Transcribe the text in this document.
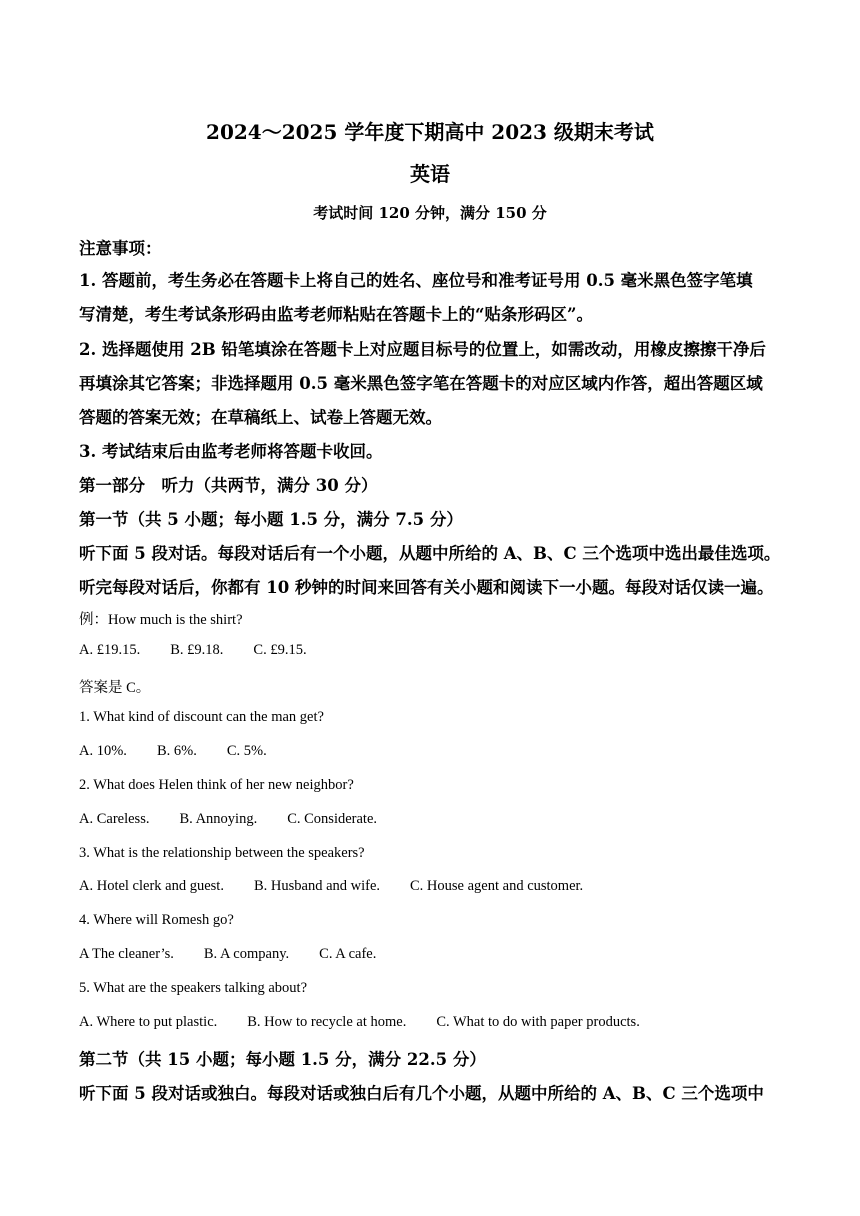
2024～2025 学年度下期高中 2023 级期末考试
英语
考试时间 120 分钟，满分 150 分
注意事项：
1. 答题前，考生务必在答题卡上将自己的姓名、座位号和准考证号用 0.5 毫米黑色签字笔填
写清楚，考生考试条形码由监考老师粘贴在答题卡上的“贴条形码区”。
2. 选择题使用 2B 铅笔填涂在答题卡上对应题目标号的位置上，如需改动，用橡皮擦擦干净后
再填涂其它答案；非选择题用 0.5 毫米黑色签字笔在答题卡的对应区域内作答，超出答题区域
答题的答案无效；在草稿纸上、试卷上答题无效。
3. 考试结束后由监考老师将答题卡收回。
第一部分　听力（共两节，满分 30 分）
第一节（共 5 小题；每小题 1.5 分，满分 7.5 分）
听下面 5 段对话。每段对话后有一个小题，从题中所给的 A、B、C 三个选项中选出最佳选项。
听完每段对话后，你都有 10 秒钟的时间来回答有关小题和阅读下一小题。每段对话仅读一遍。
例：How much is the shirt?
A. £19.15. B. £9.18. C. £9.15.
答案是 C。
1. What kind of discount can the man get?
A. 10%. B. 6%. C. 5%.
2. What does Helen think of her new neighbor?
A. Careless. B. Annoying. C. Considerate.
3. What is the relationship between the speakers?
A. Hotel clerk and guest. B. Husband and wife. C. House agent and customer.
4. Where will Romesh go?
A The cleaner’s. B. A company. C. A cafe.
5. What are the speakers talking about?
A. Where to put plastic. B. How to recycle at home. C. What to do with paper products.
第二节（共 15 小题；每小题 1.5 分，满分 22.5 分）
听下面 5 段对话或独白。每段对话或独白后有几个小题，从题中所给的 A、B、C 三个选项中
